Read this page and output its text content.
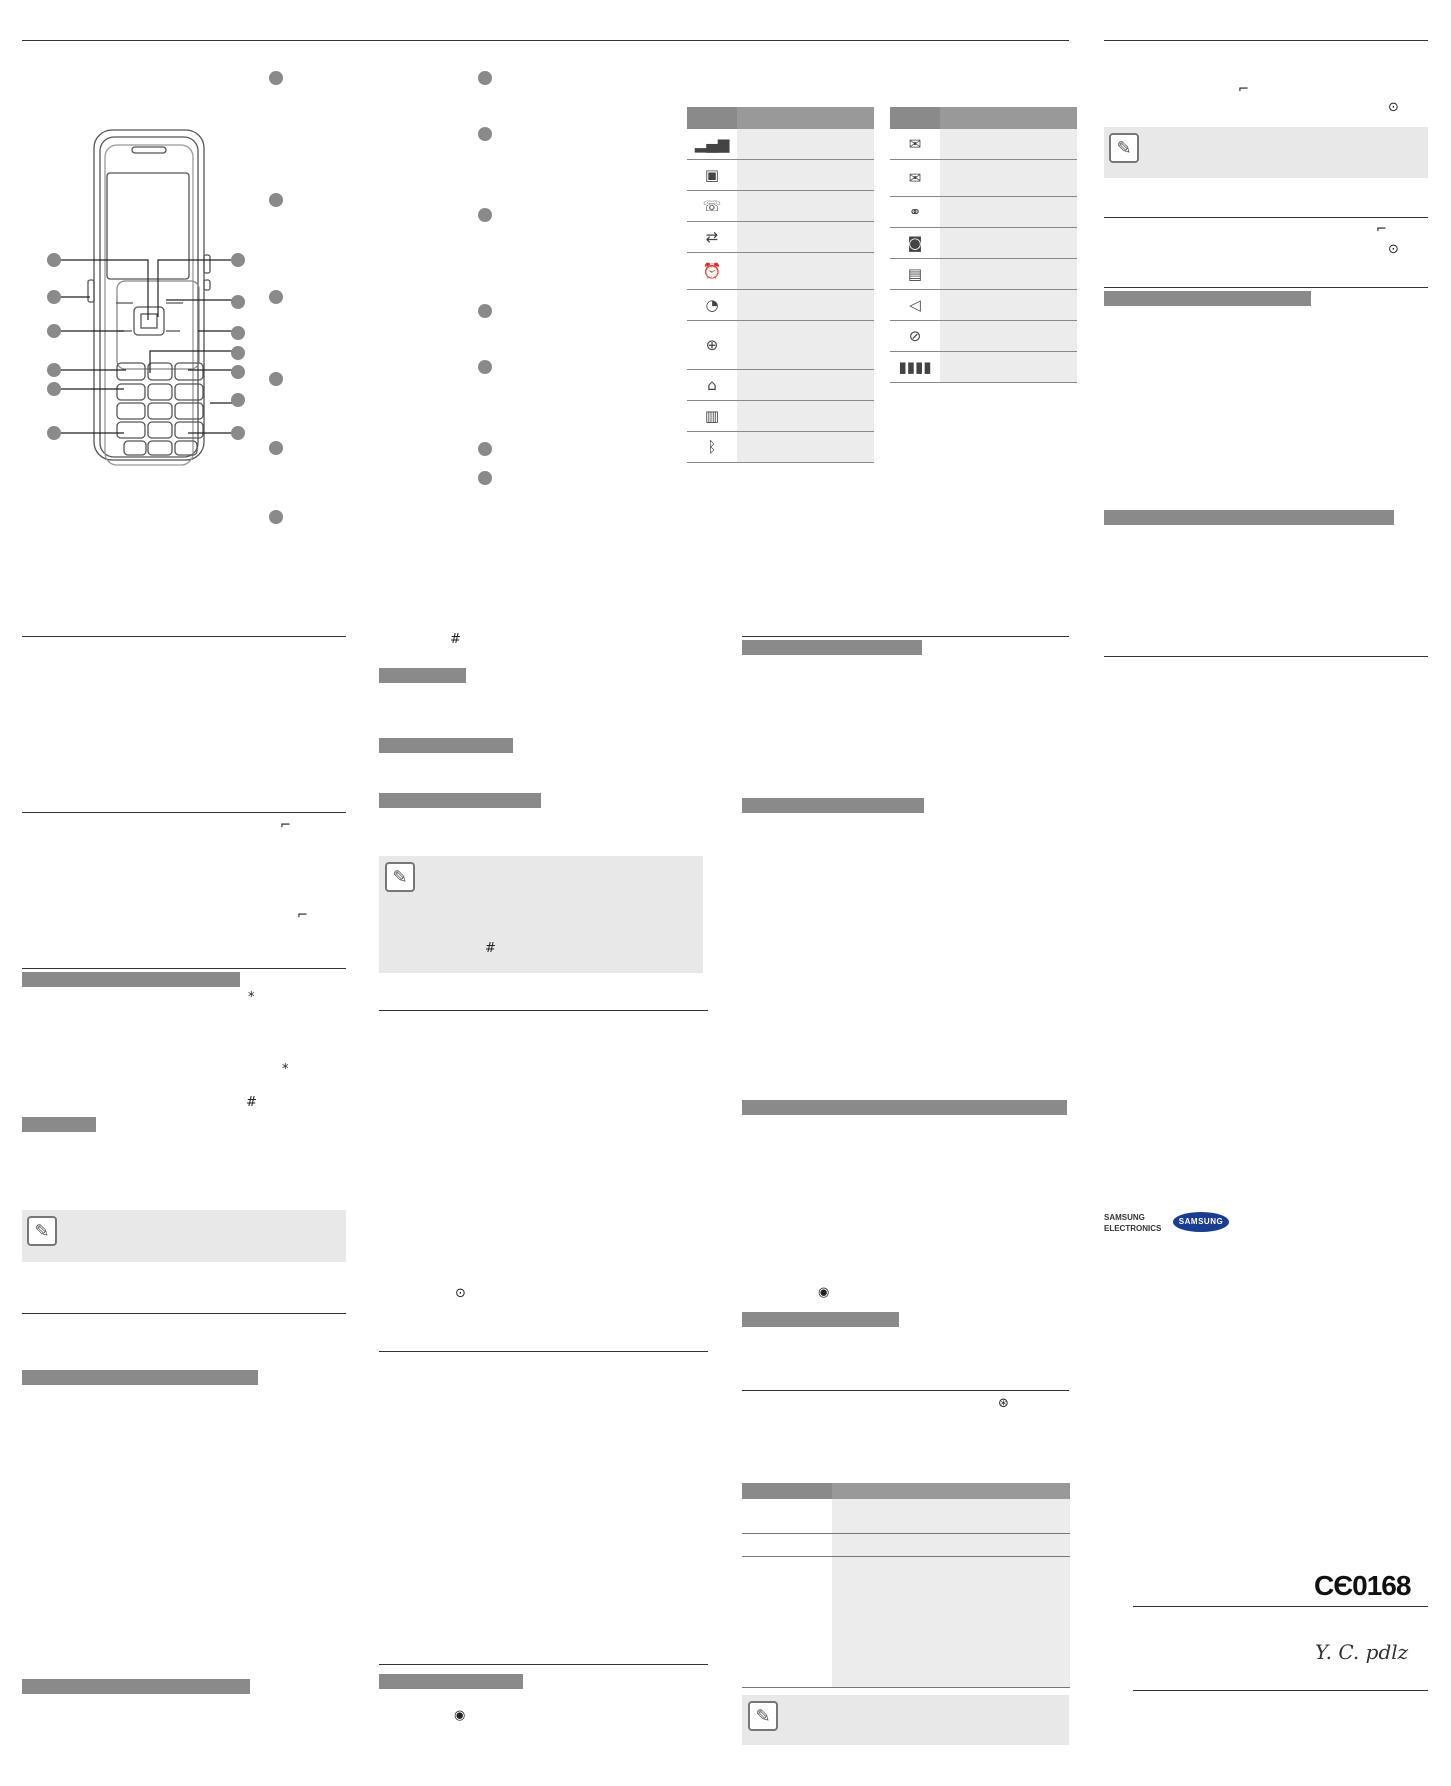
▂▄▆	
▣	
☏	
⇄	
⏰	
◔	
⊕	
⌂	
▥	
ᛒ	

✉	
✉	
⚭	
◙	
▤	
◁	
⊘	
▮▮▮▮	
⌐
⌐
*
*
#
✎
#
✎
#
⊙
◉
◉
⊛

✎
⌐
⊙
✎
⌐
⊙
SAMSUNG ELECTRONICS
SAMSUNG
CЄ0168
Y. C. pdlz
